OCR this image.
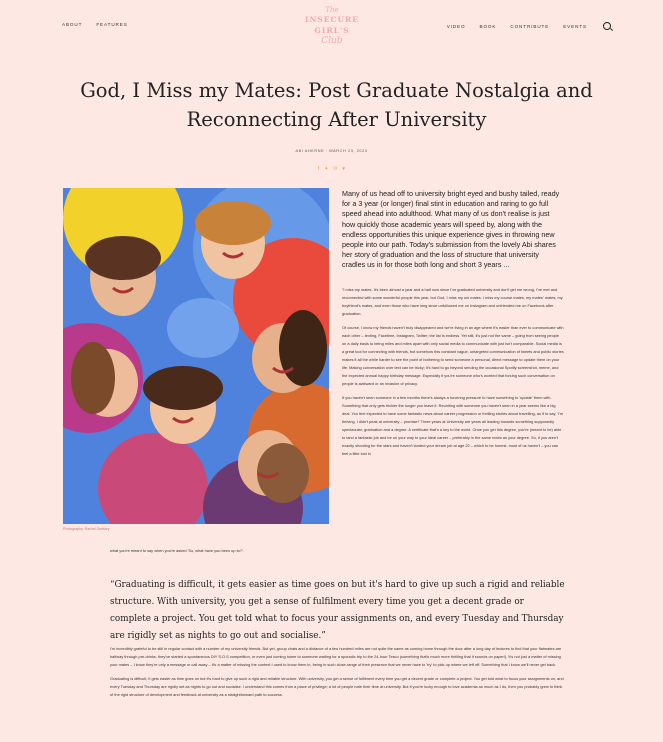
ABOUT	FEATURES
The
INSECURE GIRL'S
Club
VIDEO	BOOK	CONTRIBUTE	EVENTS
God, I Miss my Mates: Post Graduate Nostalgia and Reconnecting After University
ABI AHERNE · MARCH 23, 2020
f ✦ ℗ ♥
Photography: Rachel Gedsley
Many of us head off to university bright eyed and bushy tailed, ready for a 3 year (or longer) final stint in education and raring to go full speed ahead into adulthood. What many of us don't realise is just how quickly those academic years will speed by, along with the endless opportunities this unique experience gives in throwing new people into our path. Today's submission from the lovely Abi shares her story of graduation and the loss of structure that university cradles us in for those both long and short 3 years ...

"I miss my mates. It's been almost a year and a half now since I've graduated university and don't get me wrong, I've met and reconnected with some wonderful people this year, but God, I miss my uni mates. I miss my course mates, my mates' mates, my boyfriend's mates, and even those who have long since unfollowed me on Instagram and unfriended me on Facebook after graduation.

Of course, I know my friends haven't truly disappeared and we're living in an age where it's easier than ever to communicate with each other – texting, Facetime, Instagram, Twitter; the list is endless. Yet still, it's just not the same – going from seeing people on a daily basis to being miles and miles apart with only social media to communicate with just isn't comparable. Social media is a great tool for connecting with friends, but somehow this constant vague, untargeted communication of tweets and public stories makes it all the while harder to see the point of bothering to send someone a personal, direct message to update them on your life. Making conversation over text can be tricky; it's hard to go beyond sending the occasional Spotify screenshot, meme, and the expected annual happy birthday message. Especially if you're someone who's worried that forcing such conversation on people is awkward or an invasion of privacy.

If you haven't seen someone in a few months there's always a hovering pressure to have something to 'update' them with. Something that only gets trickier the longer you leave it. Reuniting with someone you haven't seen in a year seems like a big deal. You feel expected to have some fantastic news about career progression or thrilling stories about travelling, as if to say, 'I'm thriving, I didn't peak at university – promise!' Three years at University are years all leading towards something supposedly spectacular; graduation and a degree. A certificate that's a key to the world. Once you get this degree, you're (meant to be) able to land a fantastic job and be on your way to your ideal career – preferably in the same realm as your degree. So, if you aren't exactly shooting for the stars and haven't landed your dream job at age 22 – which to be honest, most of us haven't – you can feel a little lost in

what you're meant to say when you're asked 'So, what have you been up to?'.
“Graduating is difficult, it gets easier as time goes on but it's hard to give up such a rigid and reliable structure. With university, you get a sense of fulfilment every time you get a decent grade or complete a project. You get told what to focus your assignments on, and every Tuesday and Thursday are rigidly set as nights to go out and socialise.”

I'm incredibly grateful to be still in regular contact with a number of my university friends. But yet, group chats and a distance of a few hundred miles are not quite the same as coming home through the door after a long day of lectures to find that your flatmates are halfway through pre-drinks, they've started a spontaneous DIY S.O.S competition, or even just coming home to someone waiting for a sporadic trip to the 24-hour Tesco (something that's much more thrilling that it sounds on paper!). It's not just a matter of missing your mates – I know they're only a message or call away – it's a matter of missing the context I used to know them in, being in such close-range of their presence that we never have to 'try' to pick up where we left off. Something that I know we'll never get back.

Graduating is difficult, it gets easier as time goes on but it's hard to give up such a rigid and reliable structure. With university, you get a sense of fulfilment every time you get a decent grade or complete a project. You get told what to focus your assignments on, and every Tuesday and Thursday are rigidly set as nights to go out and socialise. I understand this comes from a place of privilege; a lot of people hate their time at university. But if you're lucky enough to love academia as much as I do, then you probably grew to think of the rigid structure of development and feedback at university as a straightforward path to success.
